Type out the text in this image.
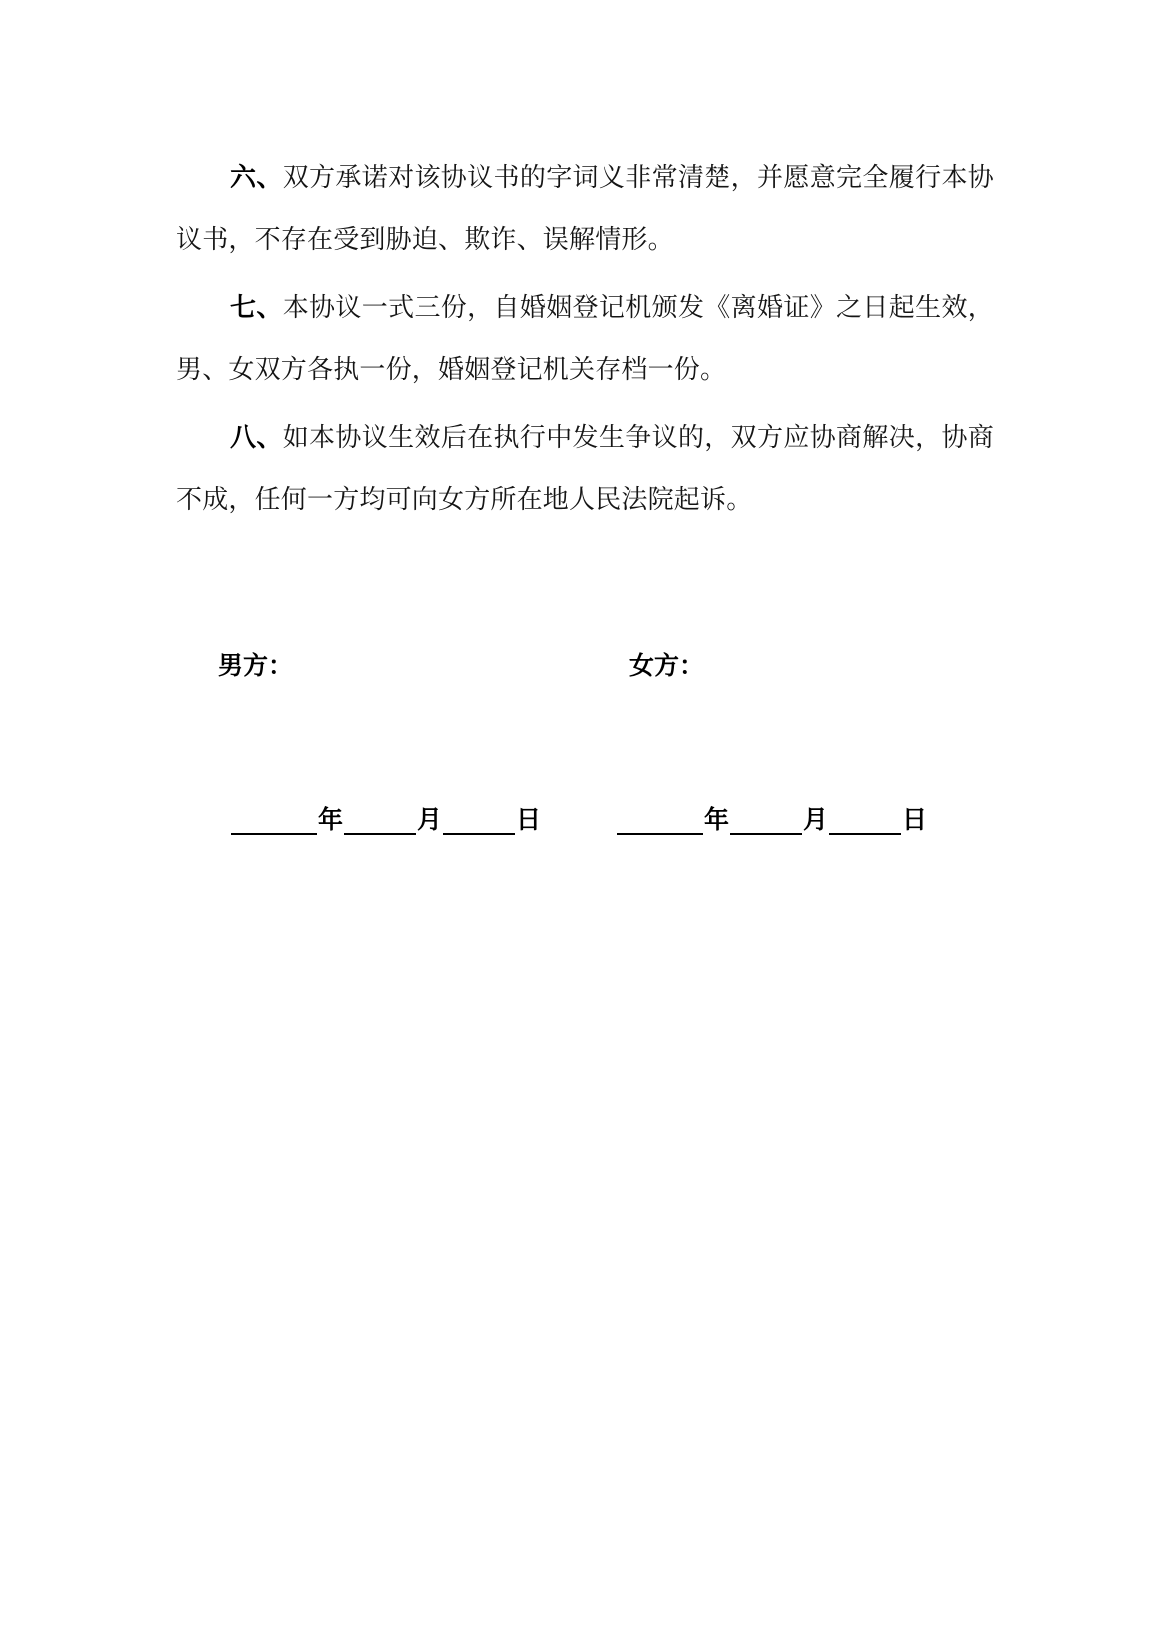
六、双方承诺对该协议书的字词义非常清楚，并愿意完全履行本协议书，不存在受到胁迫、欺诈、误解情形。

七、本协议一式三份，自婚姻登记机颁发《离婚证》之日起生效，男、女双方各执一份，婚姻登记机关存档一份。

八、如本协议生效后在执行中发生争议的，双方应协商解决，协商不成，任何一方均可向女方所在地人民法院起诉。

男方：	女方：
年	月	日	年	月	日
